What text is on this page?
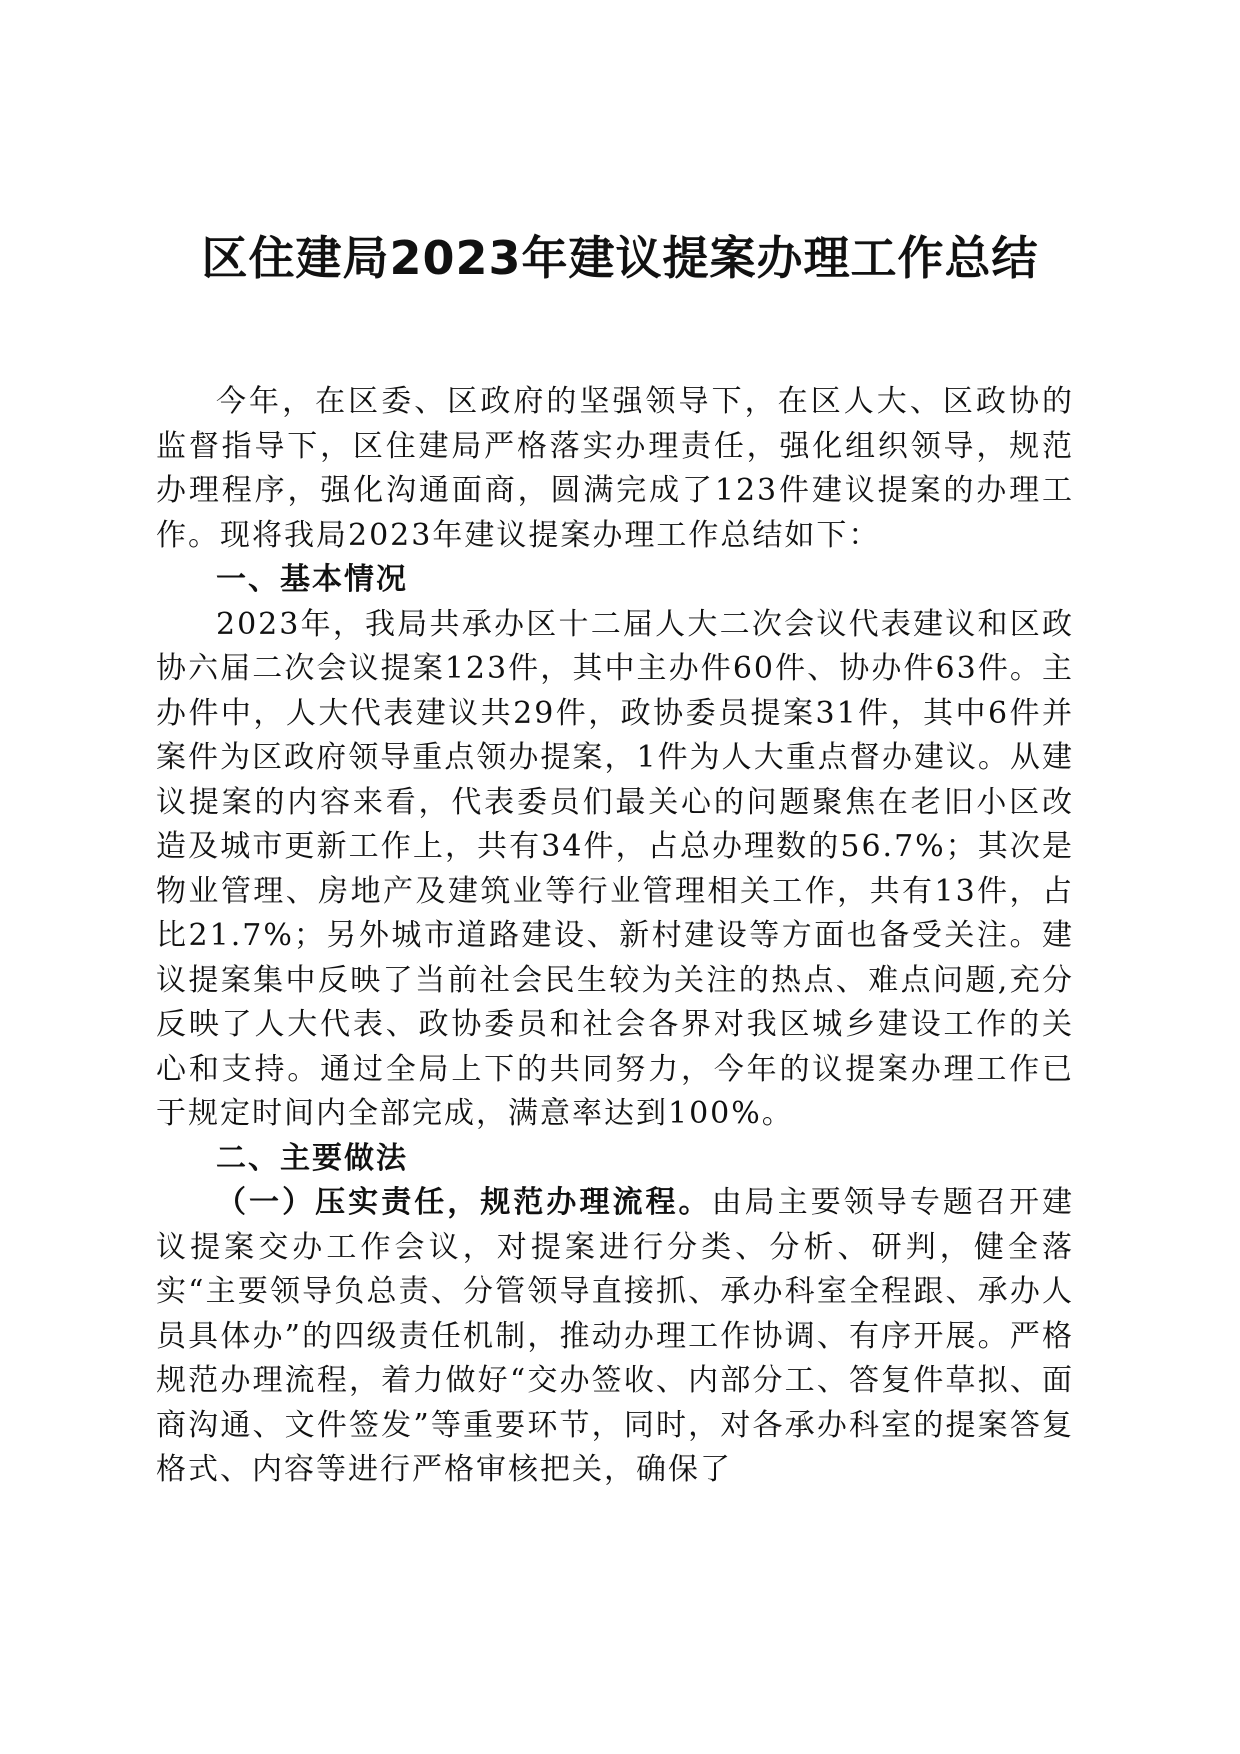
区住建局2023年建议提案办理工作总结

今年，在区委、区政府的坚强领导下，在区人大、区政协的监督指导下，区住建局严格落实办理责任，强化组织领导，规范办理程序，强化沟通面商，圆满完成了123件建议提案的办理工作。现将我局2023年建议提案办理工作总结如下：

一、基本情况

2023年，我局共承办区十二届人大二次会议代表建议和区政协六届二次会议提案123件，其中主办件60件、协办件63件。主办件中，人大代表建议共29件，政协委员提案31件，其中6件并案件为区政府领导重点领办提案，1件为人大重点督办建议。从建议提案的内容来看，代表委员们最关心的问题聚焦在老旧小区改造及城市更新工作上，共有34件，占总办理数的56.7%；其次是物业管理、房地产及建筑业等行业管理相关工作，共有13件，占比21.7%；另外城市道路建设、新村建设等方面也备受关注。建议提案集中反映了当前社会民生较为关注的热点、难点问题,充分反映了人大代表、政协委员和社会各界对我区城乡建设工作的关心和支持。通过全局上下的共同努力，今年的议提案办理工作已于规定时间内全部完成，满意率达到100%。

二、主要做法

（一）压实责任，规范办理流程。由局主要领导专题召开建议提案交办工作会议，对提案进行分类、分析、研判，健全落实“主要领导负总责、分管领导直接抓、承办科室全程跟、承办人员具体办”的四级责任机制，推动办理工作协调、有序开展。严格规范办理流程，着力做好“交办签收、内部分工、答复件草拟、面商沟通、文件签发”等重要环节，同时，对各承办科室的提案答复格式、内容等进行严格审核把关，确保了
